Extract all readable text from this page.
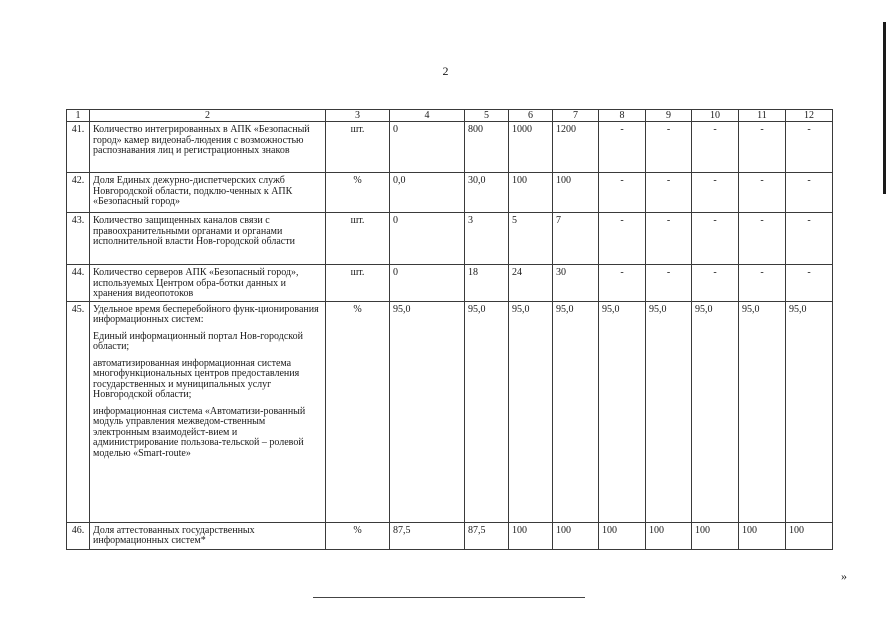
2
1	2	3	4	5	6	7	8	9	10	11	12
41.	Количество интегрированных в АПК «Безопасный город» камер видеонаб-людения с возможностью распознавания лиц и регистрационных знаков	шт.	0	800	1000	1200	-	-	-	-	-
42.	Доля Единых дежурно-диспетчерских служб Новгородской области, подклю-ченных к АПК «Безопасный город»	%	0,0	30,0	100	100	-	-	-	-	-
43.	Количество защищенных каналов связи с правоохранительными органами и органами исполнительной власти Нов-городской области	шт.	0	3	5	7	-	-	-	-	-
44.	Количество серверов АПК «Безопасный город», используемых Центром обра-ботки данных и хранения видеопотоков	шт.	0	18	24	30	-	-	-	-	-
45.	Удельное время бесперебойного функ-ционирования информационных систем:
Единый информационный портал Нов-городской области;
автоматизированная информационная система многофункциональных центров предоставления государственных и муниципальных услуг Новгородской области;
информационная система «Автоматизи-рованный модуль управления межведом-ственным электронным взаимодейст-вием и администрирование пользова-тельской – ролевой моделью «Smart-route»	%	95,0	95,0	95,0	95,0	95,0	95,0	95,0	95,0	95,0
46.	Доля аттестованных государственных информационных систем*	%	87,5	87,5	100	100	100	100	100	100	100
»
